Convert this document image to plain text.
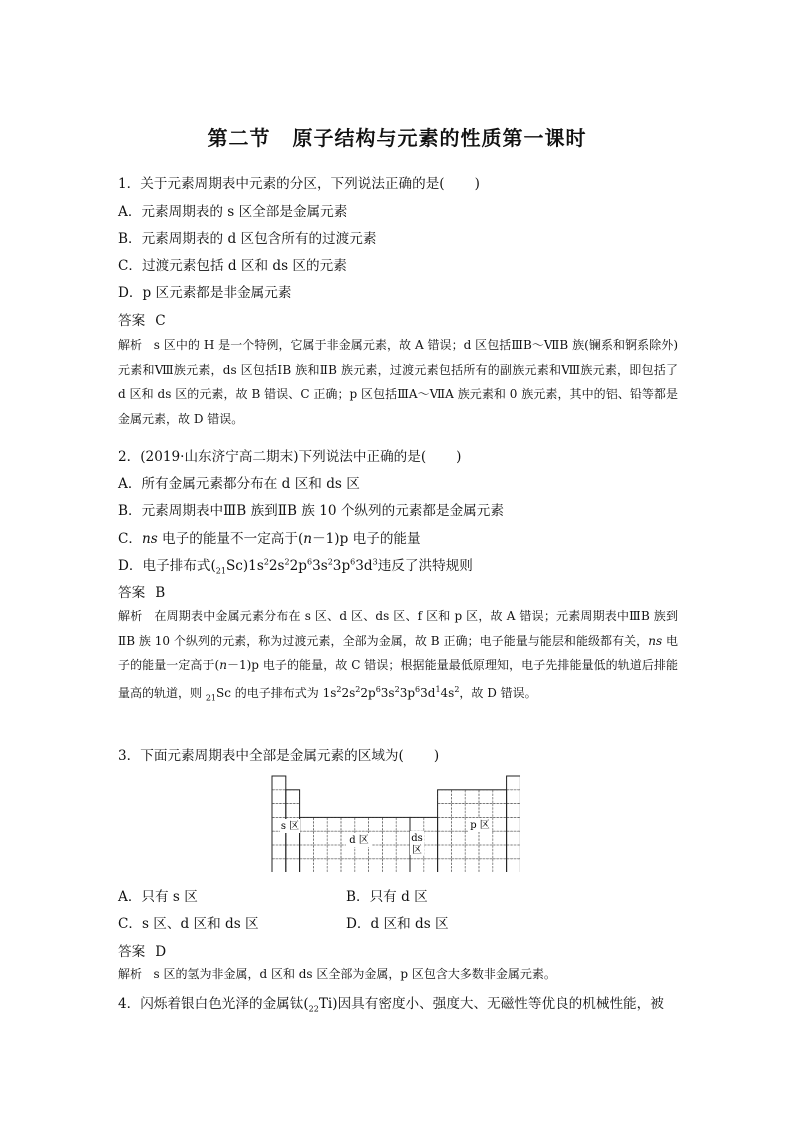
第二节 原子结构与元素的性质第一课时
1．关于元素周期表中元素的分区，下列说法正确的是( )
A．元素周期表的 s 区全部是金属元素
B．元素周期表的 d 区包含所有的过渡元素
C．过渡元素包括 d 区和 ds 区的元素
D．p 区元素都是非金属元素
答案 C
解析 s 区中的 H 是一个特例，它属于非金属元素，故 A 错误；d 区包括ⅢB～ⅦB 族(镧系和锕系除外)元素和Ⅷ族元素，ds 区包括ⅠB 族和ⅡB 族元素，过渡元素包括所有的副族元素和Ⅷ族元素，即包括了 d 区和 ds 区的元素，故 B 错误、C 正确；p 区包括ⅢA～ⅦA 族元素和 0 族元素，其中的铝、铅等都是金属元素，故 D 错误。
2．(2019·山东济宁高二期末)下列说法中正确的是( )
A．所有金属元素都分布在 d 区和 ds 区
B．元素周期表中ⅢB 族到ⅡB 族 10 个纵列的元素都是金属元素
C．ns 电子的能量不一定高于(n－1)p 电子的能量
D．电子排布式$(_{21}Sc)1s^22s^22p^63s^23p^63d^3$违反了洪特规则
答案 B
解析 在周期表中金属元素分布在 s 区、d 区、ds 区、f 区和 p 区，故 A 错误；元素周期表中ⅢB 族到ⅡB 族 10 个纵列的元素，称为过渡元素，全部为金属，故 B 正确；电子能量与能层和能级都有关，ns 电子的能量一定高于(n－1)p 电子的能量，故 C 错误；根据能量最低原理知，电子先排能量低的轨道后排能量高的轨道，则 $_{21}$Sc 的电子排布式为 $1s^22s^22p^63s^23p^63d^14s^2$，故 D 错误。
3．下面元素周期表中全部是金属元素的区域为( )
s 区
d 区	ds
区
p 区
A．只有 s 区	B．只有 d 区
C．s 区、d 区和 ds 区	D．d 区和 ds 区
答案 D
解析 s 区的氢为非金属，d 区和 ds 区全部为金属，p 区包含大多数非金属元素。
4．闪烁着银白色光泽的金属钛$(_{22}Ti)$因具有密度小、强度大、无磁性等优良的机械性能，被
